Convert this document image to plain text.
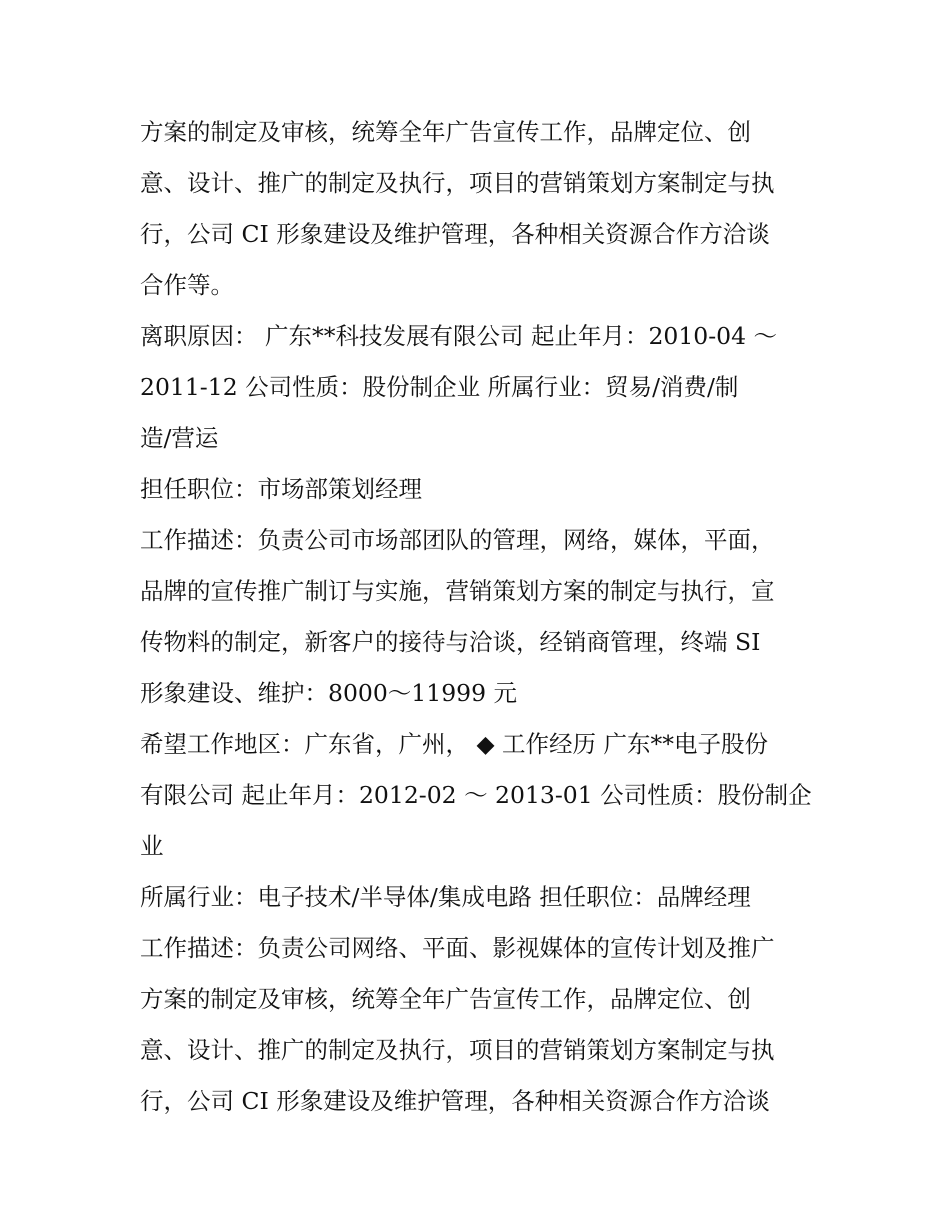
方案的制定及审核，统筹全年广告宣传工作，品牌定位、创
意、设计、推广的制定及执行，项目的营销策划方案制定与执
行，公司 CI 形象建设及维护管理，各种相关资源合作方洽谈
合作等。
离职原因： 广东**科技发展有限公司 起止年月：2010-04 ～
2011-12 公司性质：股份制企业 所属行业：贸易/消费/制
造/营运
担任职位：市场部策划经理
工作描述：负责公司市场部团队的管理，网络，媒体，平面，
品牌的宣传推广制订与实施，营销策划方案的制定与执行，宣
传物料的制定，新客户的接待与洽谈，经销商管理，终端 SI
形象建设、维护：8000～11999 元
希望工作地区：广东省，广州， ◆ 工作经历 广东**电子股份
有限公司 起止年月：2012-02 ～ 2013-01 公司性质：股份制企
业
所属行业：电子技术/半导体/集成电路 担任职位：品牌经理
工作描述：负责公司网络、平面、影视媒体的宣传计划及推广
方案的制定及审核，统筹全年广告宣传工作，品牌定位、创
意、设计、推广的制定及执行，项目的营销策划方案制定与执
行，公司 CI 形象建设及维护管理，各种相关资源合作方洽谈
